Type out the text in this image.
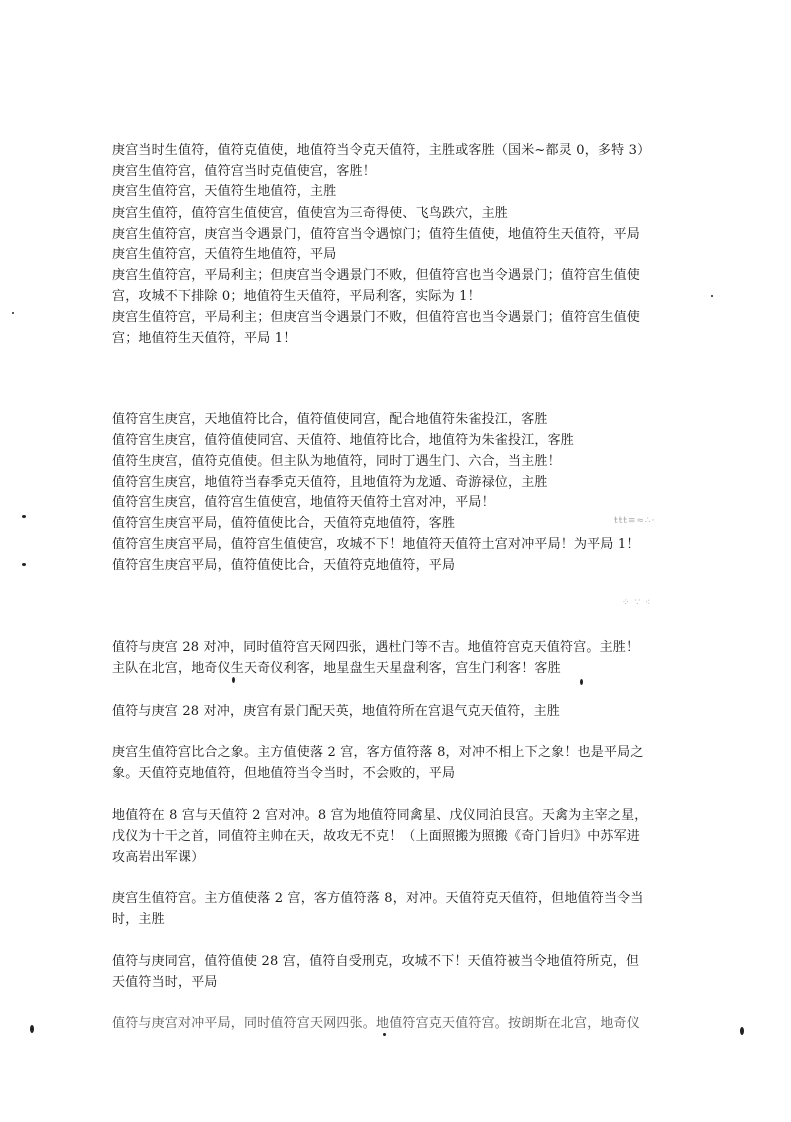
庚宫当时生值符，值符克值使，地值符当令克天值符，主胜或客胜（国米~都灵 0，多特 3）
庚宫生值符宫，值符宫当时克值使宫，客胜！
庚宫生值符宫，天值符生地值符，主胜
庚宫生值符，值符宫生值使宫，值使宫为三奇得使、飞鸟跌穴，主胜
庚宫生值符宫，庚宫当令遇景门，值符宫当令遇惊门；值符生值使，地值符生天值符，平局
庚宫生值符宫，天值符生地值符，平局
庚宫生值符宫，平局利主；但庚宫当令遇景门不败，但值符宫也当令遇景门；值符宫生值使
宫，攻城不下排除 0；地值符生天值符，平局利客，实际为 1！
庚宫生值符宫，平局利主；但庚宫当令遇景门不败，但值符宫也当令遇景门；值符宫生值使
宫；地值符生天值符，平局 1！
值符宫生庚宫，天地值符比合，值符值使同宫，配合地值符朱雀投江，客胜
值符宫生庚宫，值符值使同宫、天值符、地值符比合，地值符为朱雀投江，客胜
值符生庚宫，值符克值使。但主队为地值符，同时丁遇生门、六合，当主胜！
值符宫生庚宫，地值符当春季克天值符，且地值符为龙遁、奇游禄位，主胜
值符宫生庚宫，值符宫生值使宫，地值符天值符土宫对冲，平局！
值符宫生庚宫平局，值符值使比合，天值符克地值符，客胜
值符宫生庚宫平局，值符宫生值使宫，攻城不下！地值符天值符土宫对冲平局！为平局 1！
值符宫生庚宫平局，值符值使比合，天值符克地值符，平局
值符与庚宫 28 对冲，同时值符宫天网四张，遇杜门等不吉。地值符宫克天值符宫。主胜！
主队在北宫，地奇仪生天奇仪利客，地星盘生天星盘利客，宫生门利客！客胜
值符与庚宫 28 对冲，庚宫有景门配天英，地值符所在宫退气克天值符，主胜
庚宫生值符宫比合之象。主方值使落 2 宫，客方值符落 8，对冲不相上下之象！也是平局之
象。天值符克地值符，但地值符当令当时，不会败的，平局
地值符在 8 宫与天值符 2 宫对冲。8 宫为地值符同禽星、戊仪同泊艮宫。天禽为主宰之星，
戊仪为十干之首，同值符主帅在天，故攻无不克！（上面照搬为照搬《奇门旨归》中苏军进
攻高岩出军课）
庚宫生值符宫。主方值使落 2 宫，客方值符落 8，对冲。天值符克天值符，但地值符当令当
时，主胜
值符与庚同宫，值符值使 28 宫，值符自受刑克，攻城不下！天值符被当令地值符所克，但
天值符当时，平局
值符与庚宫对冲平局，同时值符宫天网四张。地值符宫克天值符宫。按朗斯在北宫，地奇仪
ŧŧŧ≡≈∴·
⁘ ∵ ⁖
